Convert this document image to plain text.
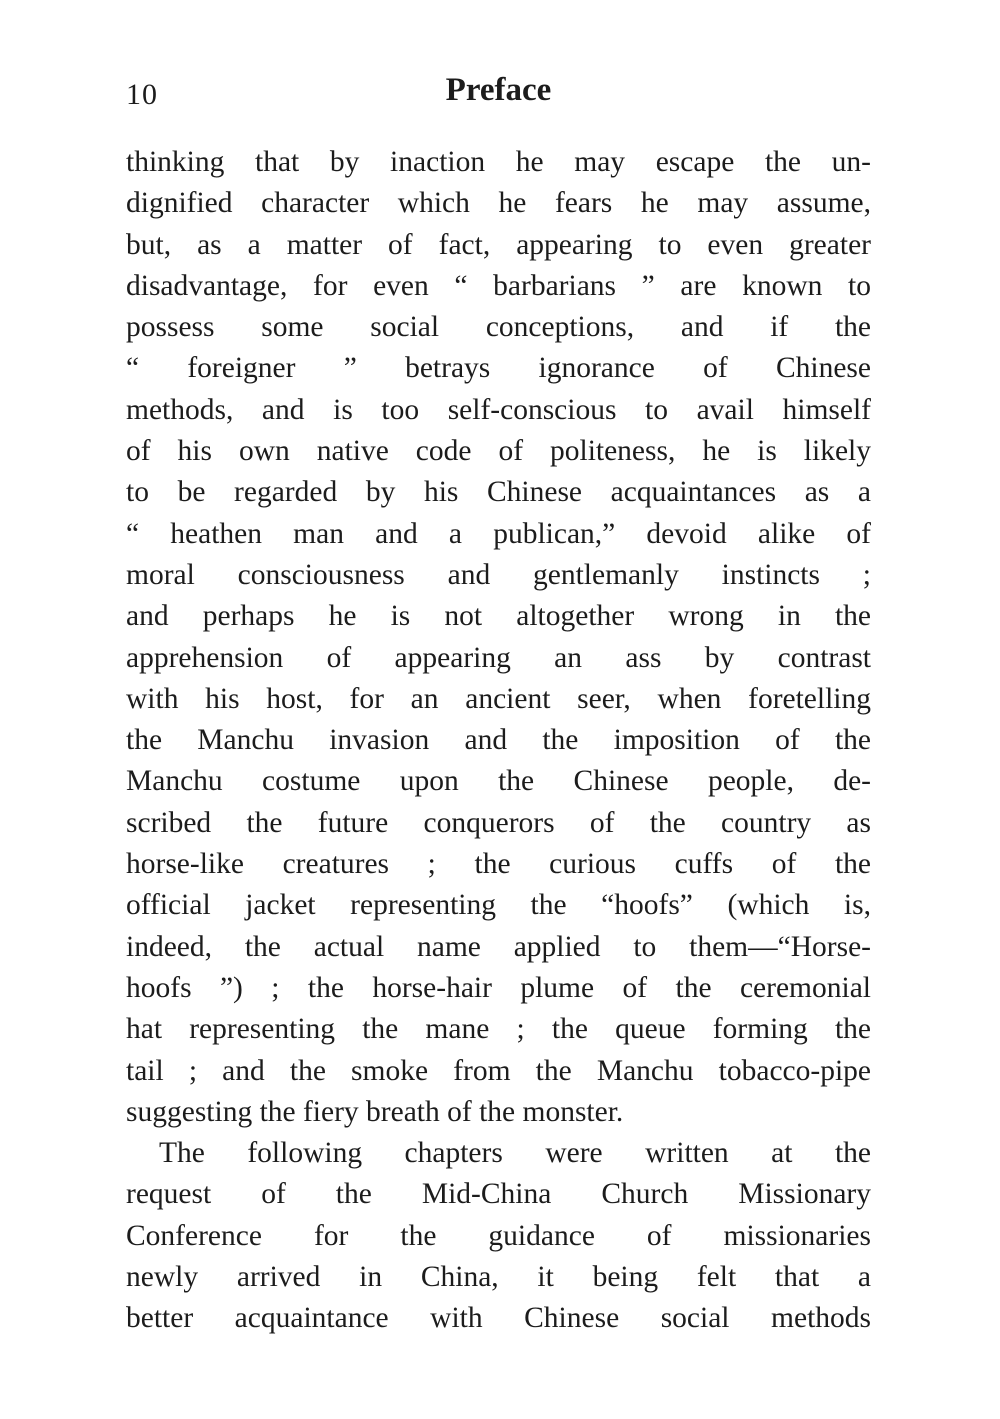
10	Preface
thinking that by inaction he may escape the un-
dignified character which he fears he may assume,
but, as a matter of fact, appearing to even greater
disadvantage, for even “ barbarians ” are known to
possess some social conceptions, and if the
“ foreigner ” betrays ignorance of Chinese
methods, and is too self-conscious to avail himself
of his own native code of politeness, he is likely
to be regarded by his Chinese acquaintances as a
“ heathen man and a publican,” devoid alike of
moral consciousness and gentlemanly instincts ;
and perhaps he is not altogether wrong in the
apprehension of appearing an ass by contrast
with his host, for an ancient seer, when foretelling
the Manchu invasion and the imposition of the
Manchu costume upon the Chinese people, de-
scribed the future conquerors of the country as
horse-like creatures ; the curious cuffs of the
official jacket representing the “hoofs” (which is,
indeed, the actual name applied to them—“Horse-
hoofs ”) ; the horse-hair plume of the ceremonial
hat representing the mane ; the queue forming the
tail ; and the smoke from the Manchu tobacco-pipe
suggesting the fiery breath of the monster.
The following chapters were written at the
request of the Mid-China Church Missionary
Conference for the guidance of missionaries
newly arrived in China, it being felt that a
better acquaintance with Chinese social methods
